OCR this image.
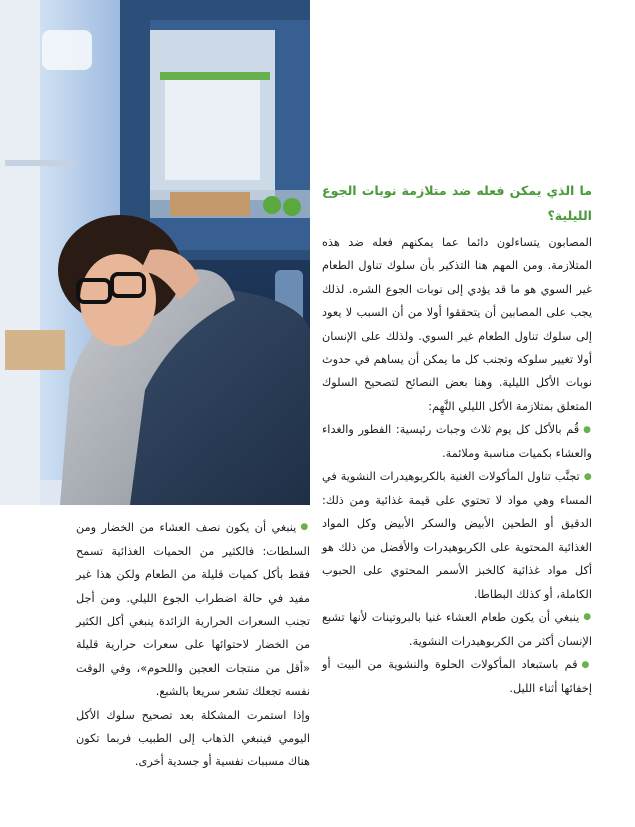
ما الذي يمكن فعله ضد متلازمة نوبات الجوع الليلية؟

المصابون يتساءلون دائما عما يمكنهم فعله ضد هذه المتلازمة. ومن المهم هنا التذكير بأن سلوك تناول الطعام غير السوي هو ما قد يؤدي إلى نوبات الجوع الشره. لذلك يجب على المصابين أن يتحققوا أولا من أن السبب لا يعود إلى سلوك تناول الطعام غير السوي. ولذلك على الإنسان أولا تغيير سلوكه وتجنب كل ما يمكن أن يساهم في حدوث نوبات الأكل الليلية. وهنا بعض النصائح لتصحيح السلوك المتعلق بمتلازمة الأكل الليلي النَّهِم:

● قُم بالأكل كل يوم ثلاث وجبات رئيسية: الفطور والغداء والعشاء بكميات مناسبة وملائمة.

● تجنَّب تناول المأكولات الغنية بالكربوهيدرات النشوية في المساء وهي مواد لا تحتوي على قيمة غذائية ومن ذلك: الدقيق أو الطحين الأبيض والسكر الأبيض وكل المواد الغذائية المحتوية على الكربوهيدرات والأفضل من ذلك هو أكل مواد غذائية كالخبز الأسمر المحتوي على الحبوب الكاملة، أو كذلك البطاطا.

● ينبغي أن يكون طعام العشاء غنيا بالبروتينات لأنها تشبع الإنسان أكثر من الكربوهيدرات النشوية.

● قم باستبعاد المأكولات الحلوة والنشوية من البيت أو إخفائها أثناء الليل.

● ينبغي أن يكون نصف العشاء من الخضار ومن السلطات: فالكثير من الحميات الغذائية تسمح فقط بأكل كميات قليلة من الطعام ولكن هذا غير مفيد في حالة اضطراب الجوع الليلي. ومن أجل تجنب السعرات الحرارية الزائدة ينبغي أكل الكثير من الخضار لاحتوائها على سعرات حرارية قليلة «أقل من منتجات العجين واللحوم»، وفي الوقت نفسه تجعلك تشعر سريعا بالشبع.

وإذا استمرت المشكلة بعد تصحيح سلوك الأكل اليومي فينبغي الذهاب إلى الطبيب فربما تكون هناك مسببات نفسية أو جسدية أخرى.
